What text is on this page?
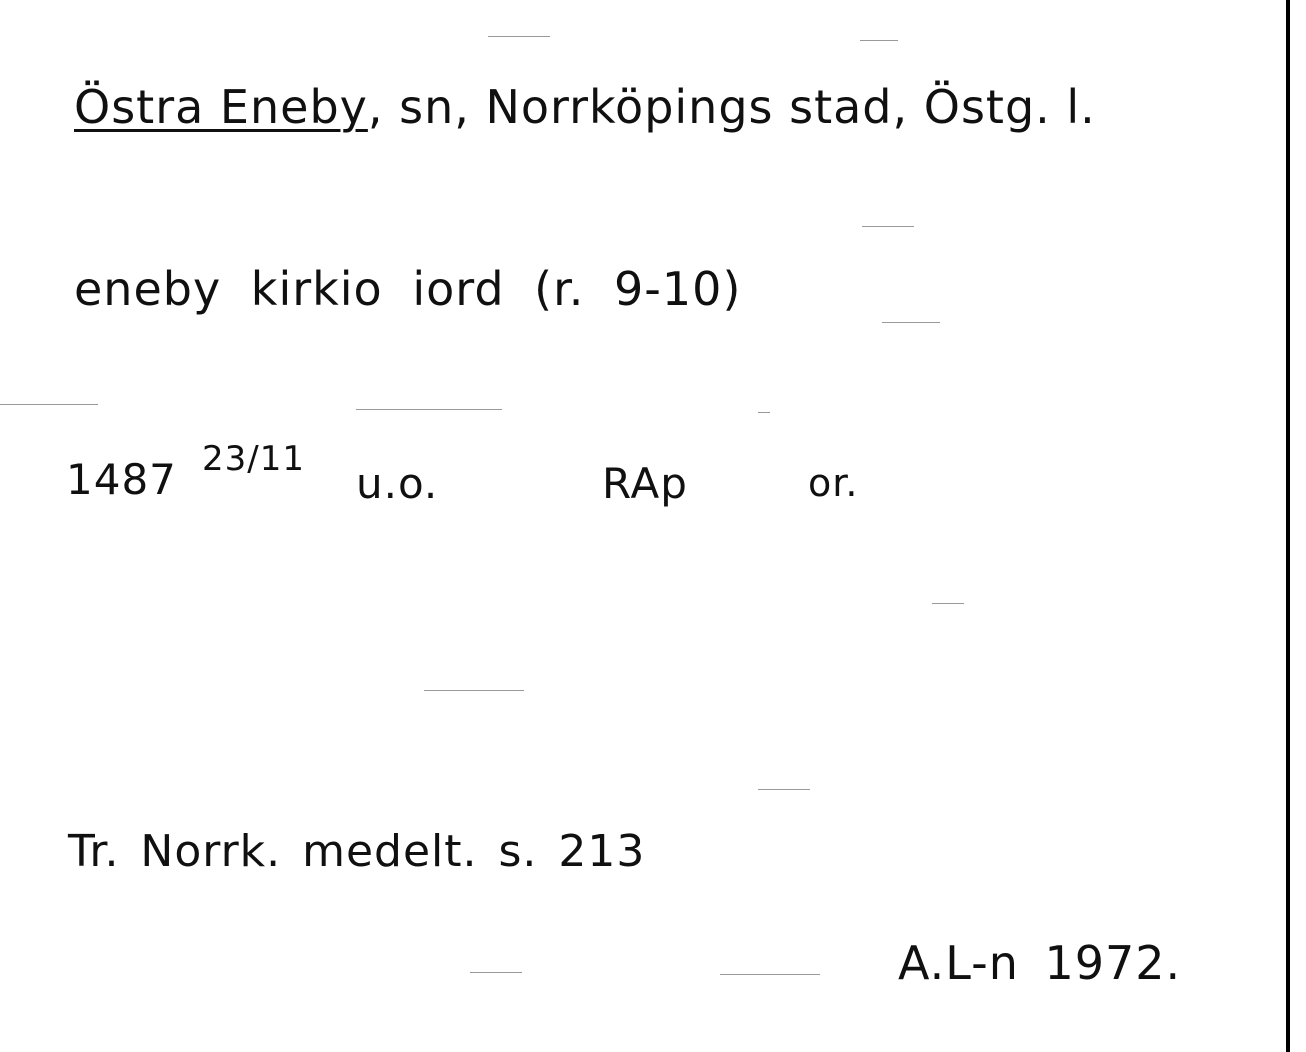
Östra Eneby, sn, Norrköpings stad, Östg. l.
eneby kirkio iord (r. 9-10)
1487 23/11 u.o.	RAp	or.
Tr. Norrk. medelt. s. 213
A.L-n 1972.
